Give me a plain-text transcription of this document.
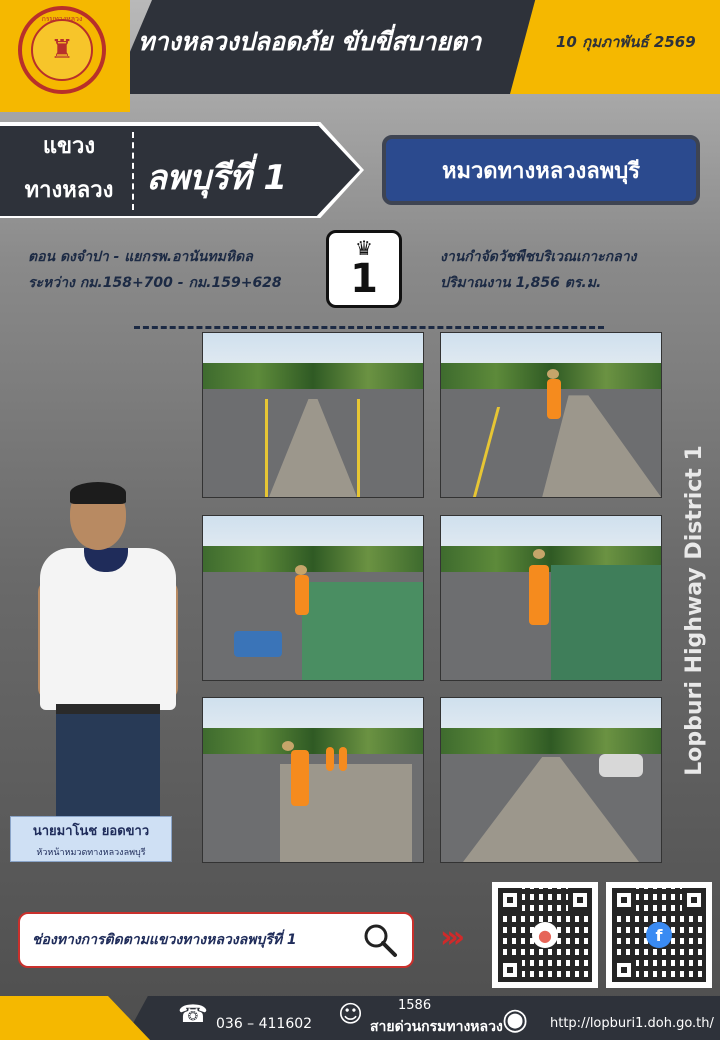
กรมทางหลวง
♜	ทางหลวงปลอดภัย ขับขี่สบายตา	10 กุมภาพันธ์ 2569
แขวง
ทางหลวง ลพบุรีที่ 1	หมวดทางหลวงลพบุรี
ตอน ดงจำปา - แยกรพ.อานันทมหิดล
ระหว่าง กม.158+700 - กม.159+628
♛
1	งานกำจัดวัชพืชบริเวณเกาะกลาง
ปริมาณงาน 1,856 ตร.ม.
Lopburi Highway District 1
นายมาโนช ยอดขาว
หัวหน้าหมวดทางหลวงลพบุรี
ช่องทางการติดตามแขวงทางหลวงลพบุรีที่ 1	›››	●	f
☎ 036 – 411602 ☺	1586
สายด่วนกรมทางหลวง ◉ http://lopburi1.doh.go.th/
